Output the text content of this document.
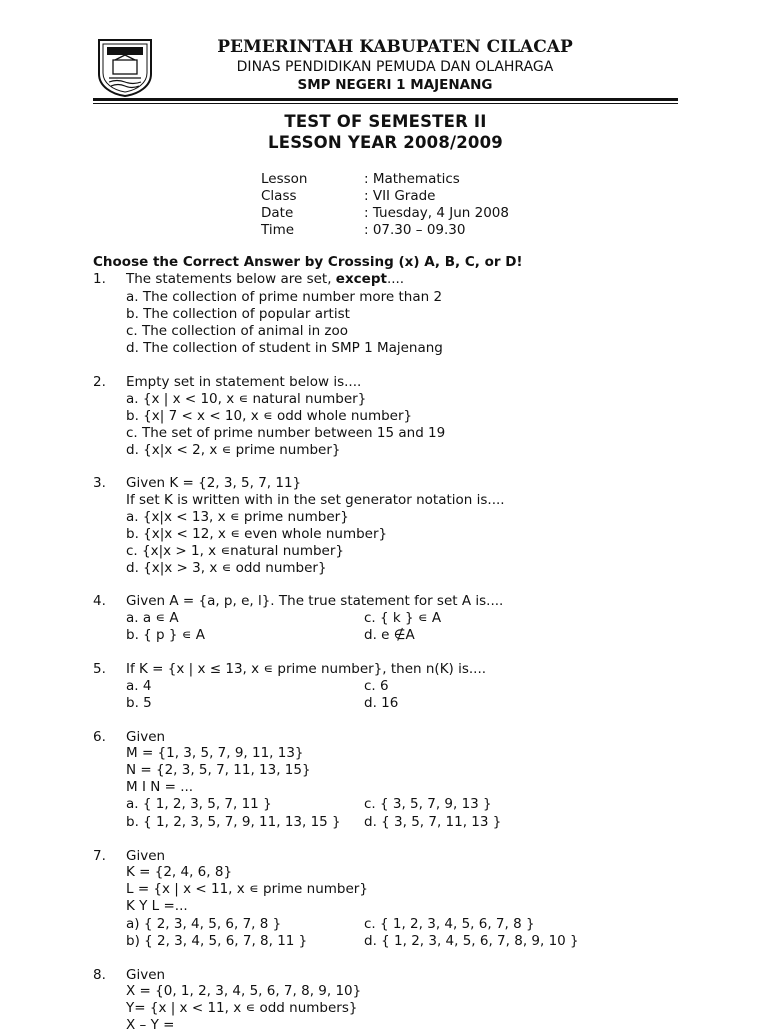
PEMERINTAH KABUPATEN CILACAP
DINAS PENDIDIKAN PEMUDA DAN OLAHRAGA
SMP NEGERI 1 MAJENANG
TEST OF SEMESTER II
LESSON YEAR 2008/2009
Lesson	: Mathematics
Class	: VII Grade
Date	: Tuesday, 4 Jun 2008
Time	: 07.30 – 09.30
Choose the Correct Answer by Crossing (x) A, B, C, or D!
1. The statements below are set, except....
a. The collection of prime number more than 2
b. The collection of popular artist
c. The collection of animal in zoo
d. The collection of student in SMP 1 Majenang
2. Empty set in statement below is....
a. {x | x < 10, x ∊ natural number}
b. {x| 7 < x < 10, x ∊ odd whole number}
c. The set of prime number between 15 and 19
d. {x|x < 2, x ∊ prime number}
3. Given K = {2, 3, 5, 7, 11}
If set K is written with in the set generator notation is....
a. {x|x < 13, x ∊ prime number}
b. {x|x < 12, x ∊ even whole number}
c. {x|x > 1, x ∊natural number}
d. {x|x > 3, x ∊ odd number}
4. Given A = {a, p, e, l}. The true statement for set A is....
a. a ∊ A
b. { p } ∊ A
c. { k } ∊ A
d. e ∉A
5. If K = {x | x ≤ 13, x ∊ prime number}, then n(K) is....
a. 4
b. 5
c. 6
d. 16
6. Given
M = {1, 3, 5, 7, 9, 11, 13}
N = {2, 3, 5, 7, 11, 13, 15}
M I N = ...
a. { 1, 2, 3, 5, 7, 11 }
b. { 1, 2, 3, 5, 7, 9, 11, 13, 15 }
c. { 3, 5, 7, 9, 13 }
d. { 3, 5, 7, 11, 13 }
7. Given
K = {2, 4, 6, 8}
L = {x | x < 11, x ∊ prime number}
K Y L =...
a) { 2, 3, 4, 5, 6, 7, 8 }
b) { 2, 3, 4, 5, 6, 7, 8, 11 }
c. { 1, 2, 3, 4, 5, 6, 7, 8 }
d. { 1, 2, 3, 4, 5, 6, 7, 8, 9, 10 }
8. Given
X = {0, 1, 2, 3, 4, 5, 6, 7, 8, 9, 10}
Y= {x | x < 11, x ∊ odd numbers}
X – Y =
